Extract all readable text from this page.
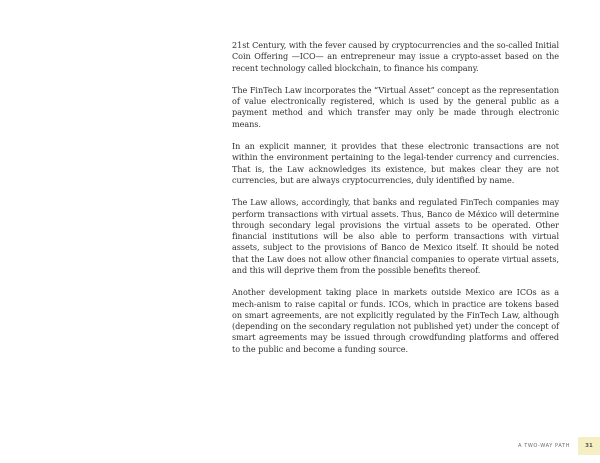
21st Century, with the fever caused by cryptocurrencies and the so-called Initial Coin Offering —ICO— an entrepreneur may issue a crypto-asset based on the recent technology called blockchain, to finance his company.

The FinTech Law incorporates the “Virtual Asset” concept as the representation of value electronically registered, which is used by the general public as a payment method and which transfer may only be made through electronic means.

In an explicit manner, it provides that these electronic transactions are not within the environment pertaining to the legal-tender currency and currencies. That is, the Law acknowledges its existence, but makes clear they are not currencies, but are always cryptocurrencies, duly identified by name.

The Law allows, accordingly, that banks and regulated FinTech companies may perform transactions with virtual assets. Thus, Banco de México will determine through secondary legal provisions the virtual assets to be operated. Other financial institutions will be also able to perform transactions with virtual assets, subject to the provisions of Banco de Mexico itself. It should be noted that the Law does not allow other financial companies to operate virtual assets, and this will deprive them from the possible benefits thereof.

Another development taking place in markets outside Mexico are ICOs as a mech-anism to raise capital or funds. ICOs, which in practice are tokens based on smart agreements, are not explicitly regulated by the FinTech Law, although (depending on the secondary regulation not published yet) under the concept of smart agreements may be issued through crowdfunding platforms and offered to the public and become a funding source.

A TWO-WAY PATH	31
